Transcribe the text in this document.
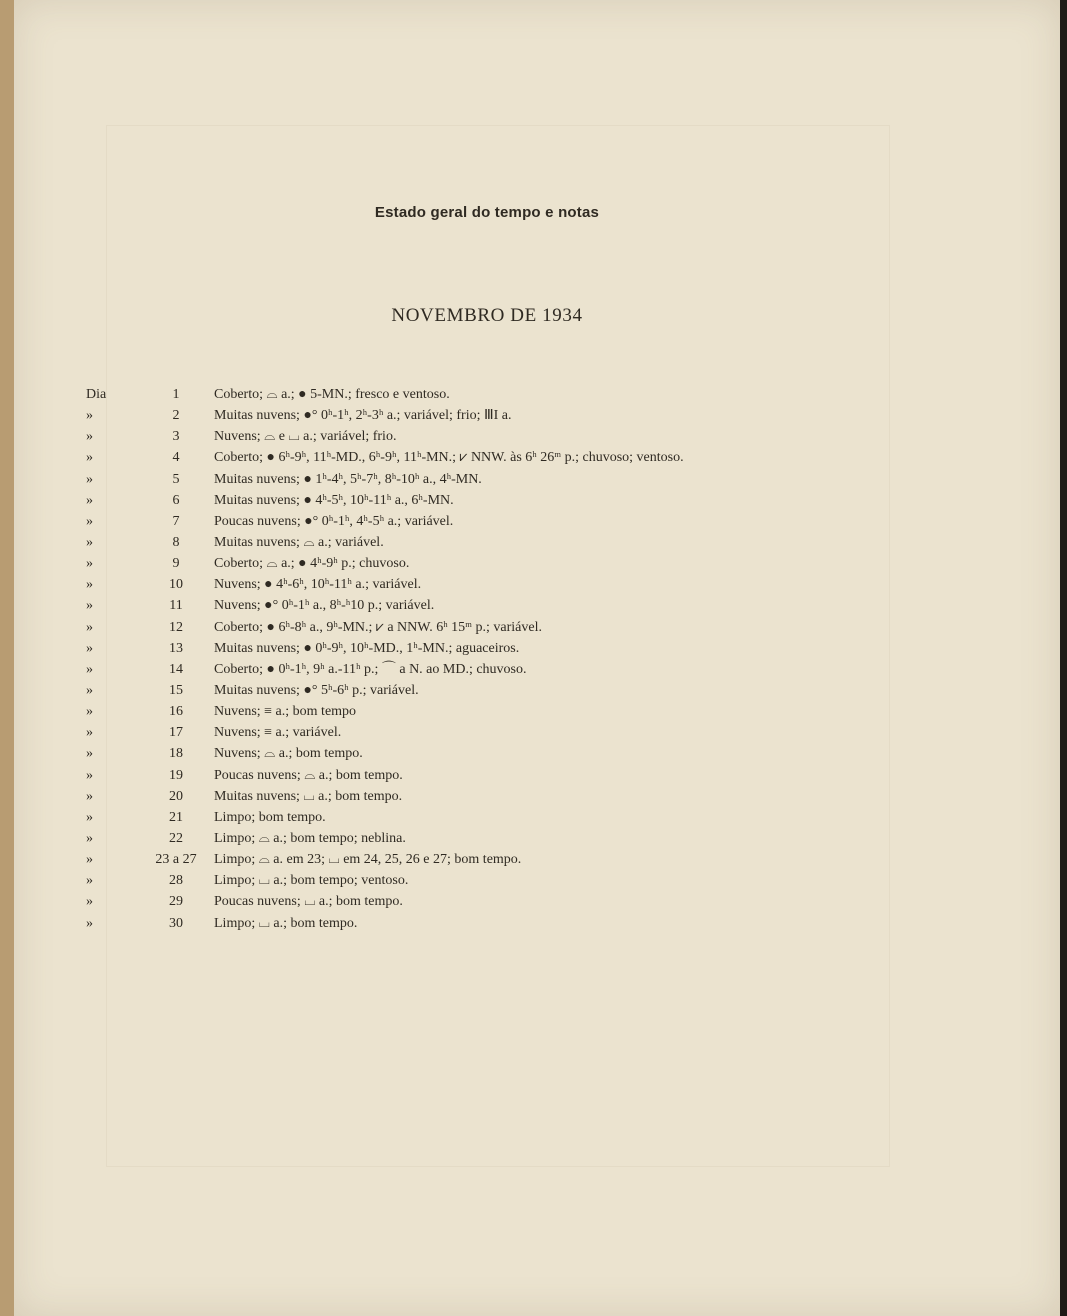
Estado geral do tempo e notas
NOVEMBRO DE 1934
Dia	1	Coberto; ⌓ a.; ● 5-MN.; fresco e ventoso.
»	2	Muitas nuvens; ●° 0ʰ-1ʰ, 2ʰ-3ʰ a.; variável; frio; ⅢI a.
»	3	Nuvens; ⌓ e ⌴ a.; variável; frio.
»	4	Coberto; ● 6ʰ-9ʰ, 11ʰ-MD., 6ʰ-9ʰ, 11ʰ-MN.; ⩗ NNW. às 6ʰ 26ᵐ p.; chuvoso; ventoso.
»	5	Muitas nuvens; ● 1ʰ-4ʰ, 5ʰ-7ʰ, 8ʰ-10ʰ a., 4ʰ-MN.
»	6	Muitas nuvens; ● 4ʰ-5ʰ, 10ʰ-11ʰ a., 6ʰ-MN.
»	7	Poucas nuvens; ●° 0ʰ-1ʰ, 4ʰ-5ʰ a.; variável.
»	8	Muitas nuvens; ⌓ a.; variável.
»	9	Coberto; ⌓ a.; ● 4ʰ-9ʰ p.; chuvoso.
»	10	Nuvens; ● 4ʰ-6ʰ, 10ʰ-11ʰ a.; variável.
»	11	Nuvens; ●° 0ʰ-1ʰ a., 8ʰ-ʰ10 p.; variável.
»	12	Coberto; ● 6ʰ-8ʰ a., 9ʰ-MN.; ⩗ a NNW. 6ʰ 15ᵐ p.; variável.
»	13	Muitas nuvens; ● 0ʰ-9ʰ, 10ʰ-MD., 1ʰ-MN.; aguaceiros.
»	14	Coberto; ● 0ʰ-1ʰ, 9ʰ a.-11ʰ p.; ⌒ a N. ao MD.; chuvoso.
»	15	Muitas nuvens; ●° 5ʰ-6ʰ p.; variável.
»	16	Nuvens; ≡ a.; bom tempo
»	17	Nuvens; ≡ a.; variável.
»	18	Nuvens; ⌓ a.; bom tempo.
»	19	Poucas nuvens; ⌓ a.; bom tempo.
»	20	Muitas nuvens; ⌴ a.; bom tempo.
»	21	Limpo; bom tempo.
»	22	Limpo; ⌓ a.; bom tempo; neblina.
»	23 a 27	Limpo; ⌓ a. em 23; ⌴ em 24, 25, 26 e 27; bom tempo.
»	28	Limpo; ⌴ a.; bom tempo; ventoso.
»	29	Poucas nuvens; ⌴ a.; bom tempo.
»	30	Limpo; ⌴ a.; bom tempo.
